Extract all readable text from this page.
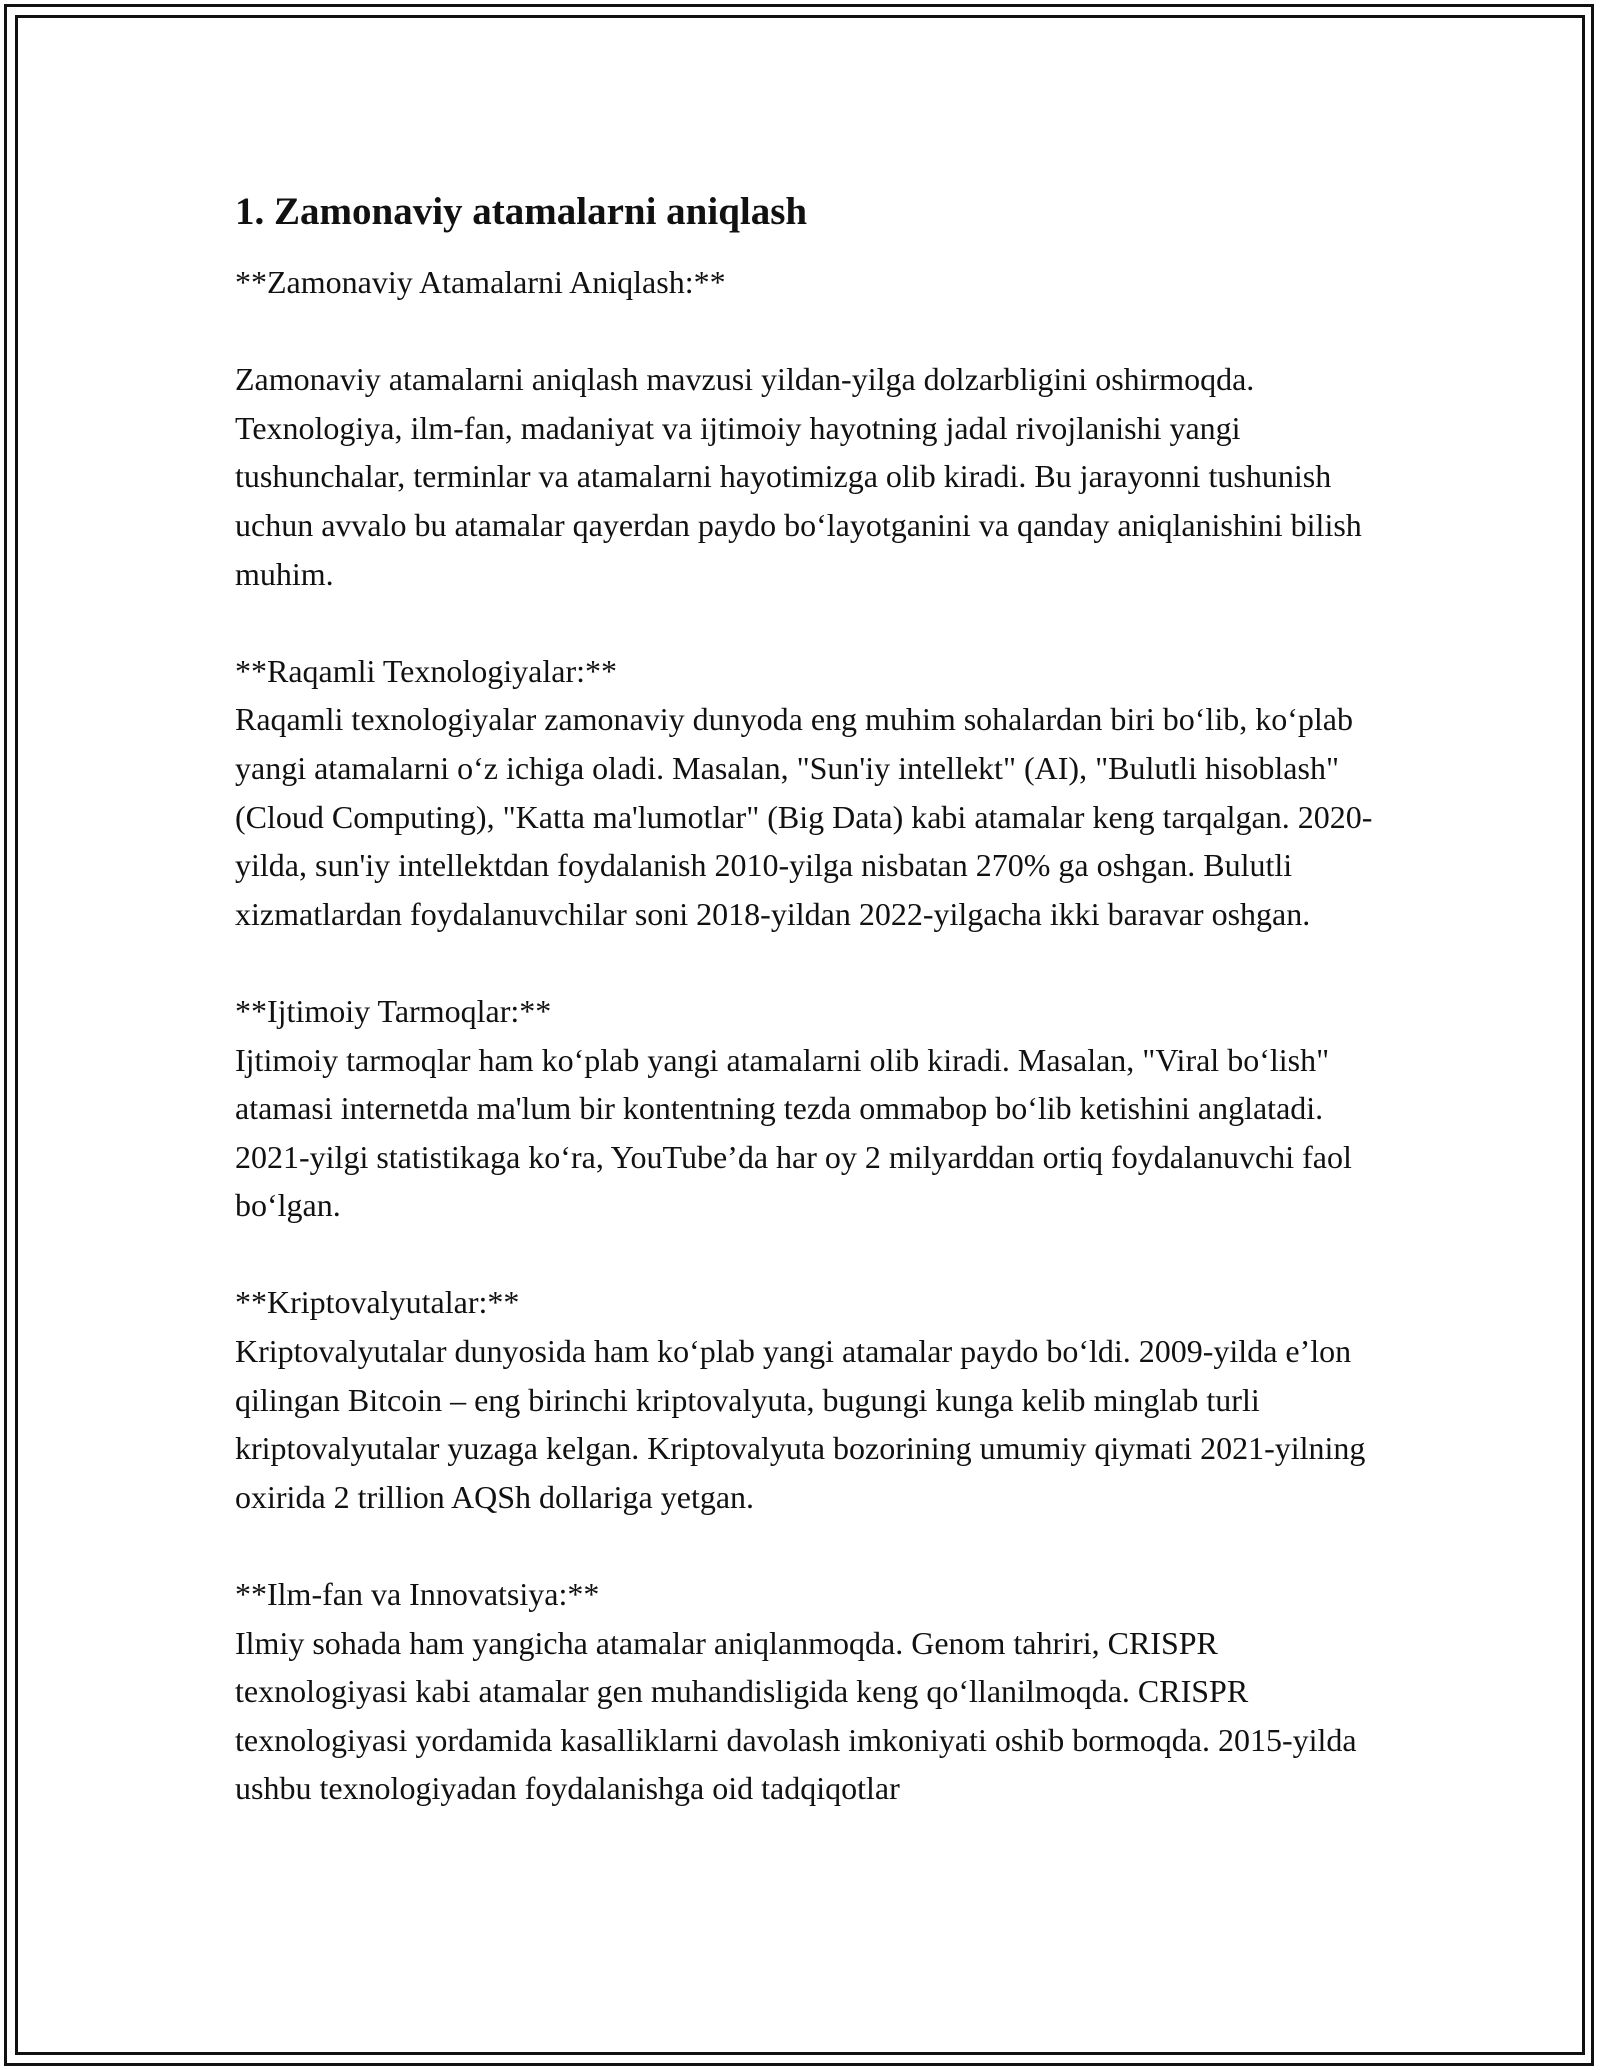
1. Zamonaviy atamalarni aniqlash

**Zamonaviy Atamalarni Aniqlash:**

Zamonaviy atamalarni aniqlash mavzusi yildan-yilga dolzarbligini oshirmoqda. Texnologiya, ilm-fan, madaniyat va ijtimoiy hayotning jadal rivojlanishi yangi tushunchalar, terminlar va atamalarni hayotimizga olib kiradi. Bu jarayonni tushunish uchun avvalo bu atamalar qayerdan paydo bo‘layotganini va qanday aniqlanishini bilish muhim.

**Raqamli Texnologiyalar:**

Raqamli texnologiyalar zamonaviy dunyoda eng muhim sohalardan biri bo‘lib, ko‘plab yangi atamalarni o‘z ichiga oladi. Masalan, "Sun'iy intellekt" (AI), "Bulutli hisoblash" (Cloud Computing), "Katta ma'lumotlar" (Big Data) kabi atamalar keng tarqalgan. 2020-yilda, sun'iy intellektdan foydalanish 2010-yilga nisbatan 270% ga oshgan. Bulutli xizmatlardan foydalanuvchilar soni 2018-yildan 2022-yilgacha ikki baravar oshgan.

**Ijtimoiy Tarmoqlar:**

Ijtimoiy tarmoqlar ham ko‘plab yangi atamalarni olib kiradi. Masalan, "Viral bo‘lish" atamasi internetda ma'lum bir kontentning tezda ommabop bo‘lib ketishini anglatadi. 2021-yilgi statistikaga ko‘ra, YouTube’da har oy 2 milyarddan ortiq foydalanuvchi faol bo‘lgan.

**Kriptovalyutalar:**

Kriptovalyutalar dunyosida ham ko‘plab yangi atamalar paydo bo‘ldi. 2009-yilda e’lon qilingan Bitcoin – eng birinchi kriptovalyuta, bugungi kunga kelib minglab turli kriptovalyutalar yuzaga kelgan. Kriptovalyuta bozorining umumiy qiymati 2021-yilning oxirida 2 trillion AQSh dollariga yetgan.

**Ilm-fan va Innovatsiya:**

Ilmiy sohada ham yangicha atamalar aniqlanmoqda. Genom tahriri, CRISPR texnologiyasi kabi atamalar gen muhandisligida keng qo‘llanilmoqda. CRISPR texnologiyasi yordamida kasalliklarni davolash imkoniyati oshib bormoqda. 2015-yilda ushbu texnologiyadan foydalanishga oid tadqiqotlar
